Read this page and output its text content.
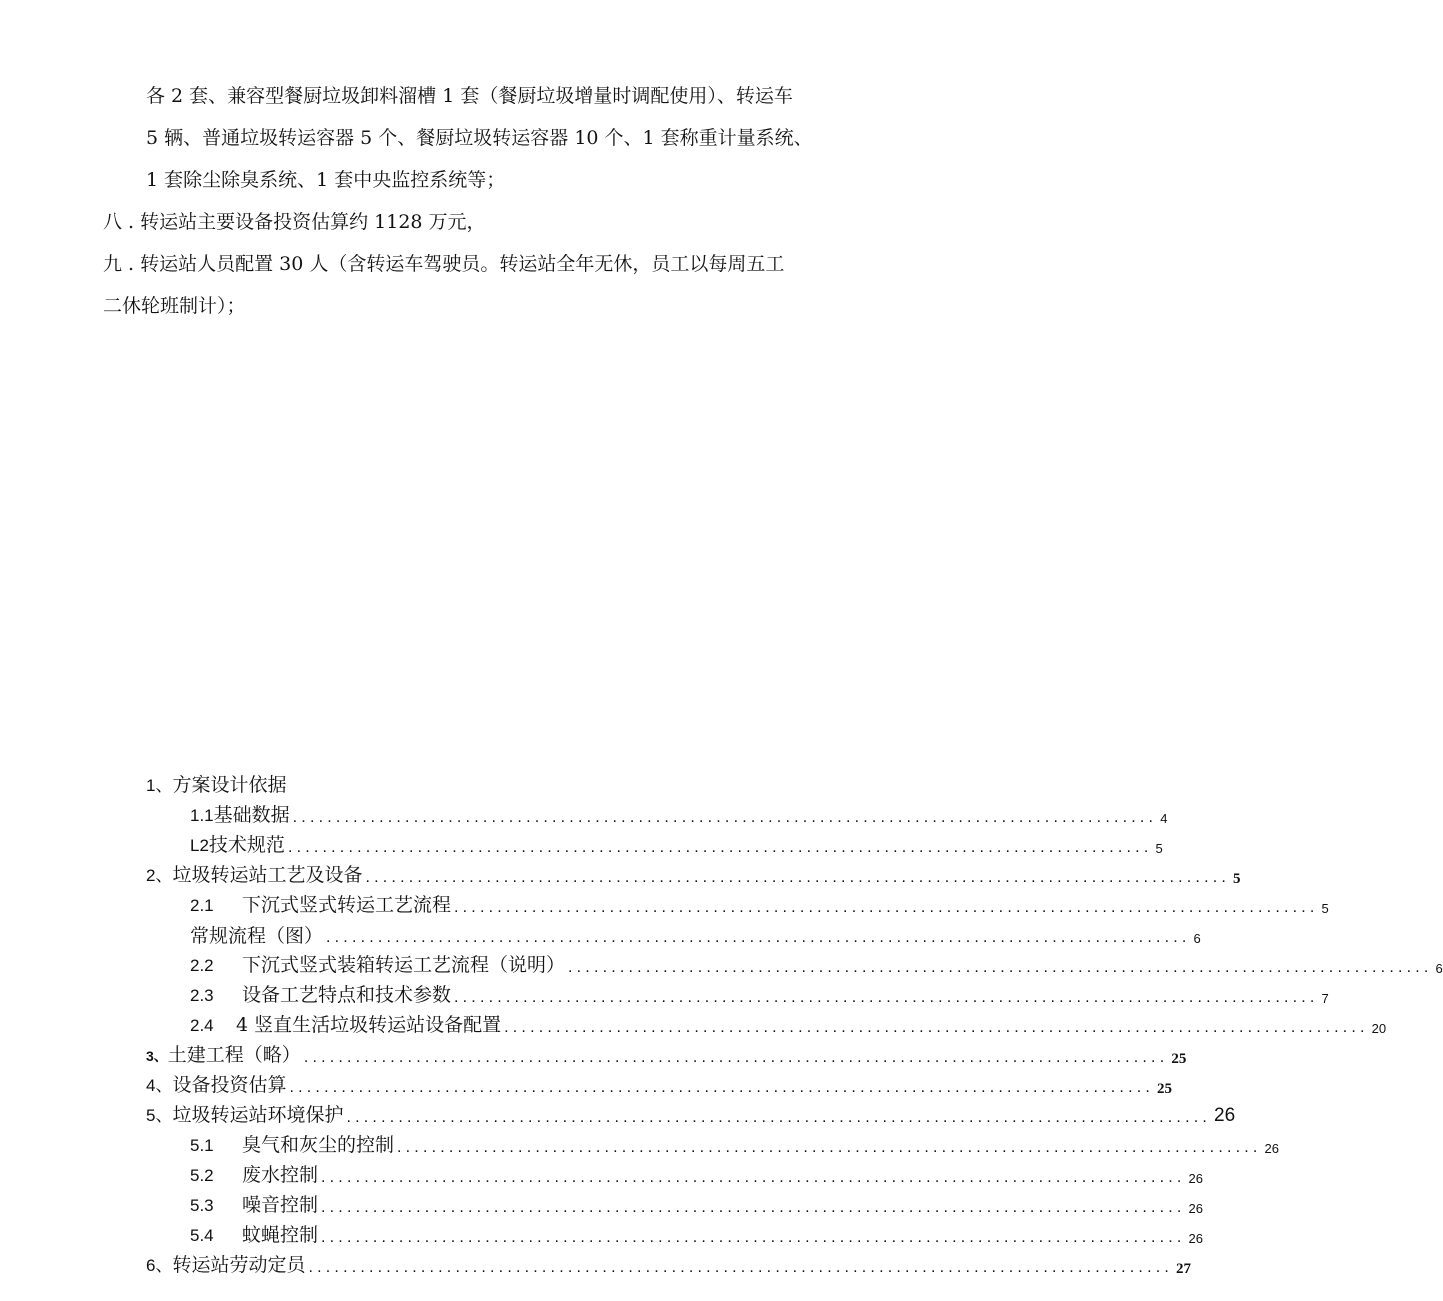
各 2 套、兼容型餐厨垃圾卸料溜槽 1 套（餐厨垃圾增量时调配使用）、转运车
5 辆、普通垃圾转运容器 5 个、餐厨垃圾转运容器 10 个、1 套称重计量系统、
1 套除尘除臭系统、1 套中央监控系统等；
八 . 转运站主要设备投资估算约 1128 万元，
九 . 转运站人员配置 30 人（含转运车驾驶员。转运站全年无休，员工以每周五工
二休轮班制计）；
1、方案设计依据
1.1基础数据 .................................................................................................... 4
L2技术规范 .................................................................................................... 5
2、垃圾转运站工艺及设备 .................................................................................................... 5
2.1 下沉式竖式转运工艺流程 .................................................................................................... 5
常规流程（图） .................................................................................................... 6
2.2 下沉式竖式装箱转运工艺流程（说明） .................................................................................................... 6
2.3 设备工艺特点和技术参数 .................................................................................................... 7
2.4 4 竖直生活垃圾转运站设备配置 .................................................................................................... 20
3、土建工程（略） .................................................................................................... 25
4、设备投资估算 .................................................................................................... 25
5、垃圾转运站环境保护 .................................................................................................... 26
5.1 臭气和灰尘的控制 .................................................................................................... 26
5.2 废水控制 .................................................................................................... 26
5.3 噪音控制 .................................................................................................... 26
5.4 蚊蝇控制 .................................................................................................... 26
6、转运站劳动定员 .................................................................................................... 27
